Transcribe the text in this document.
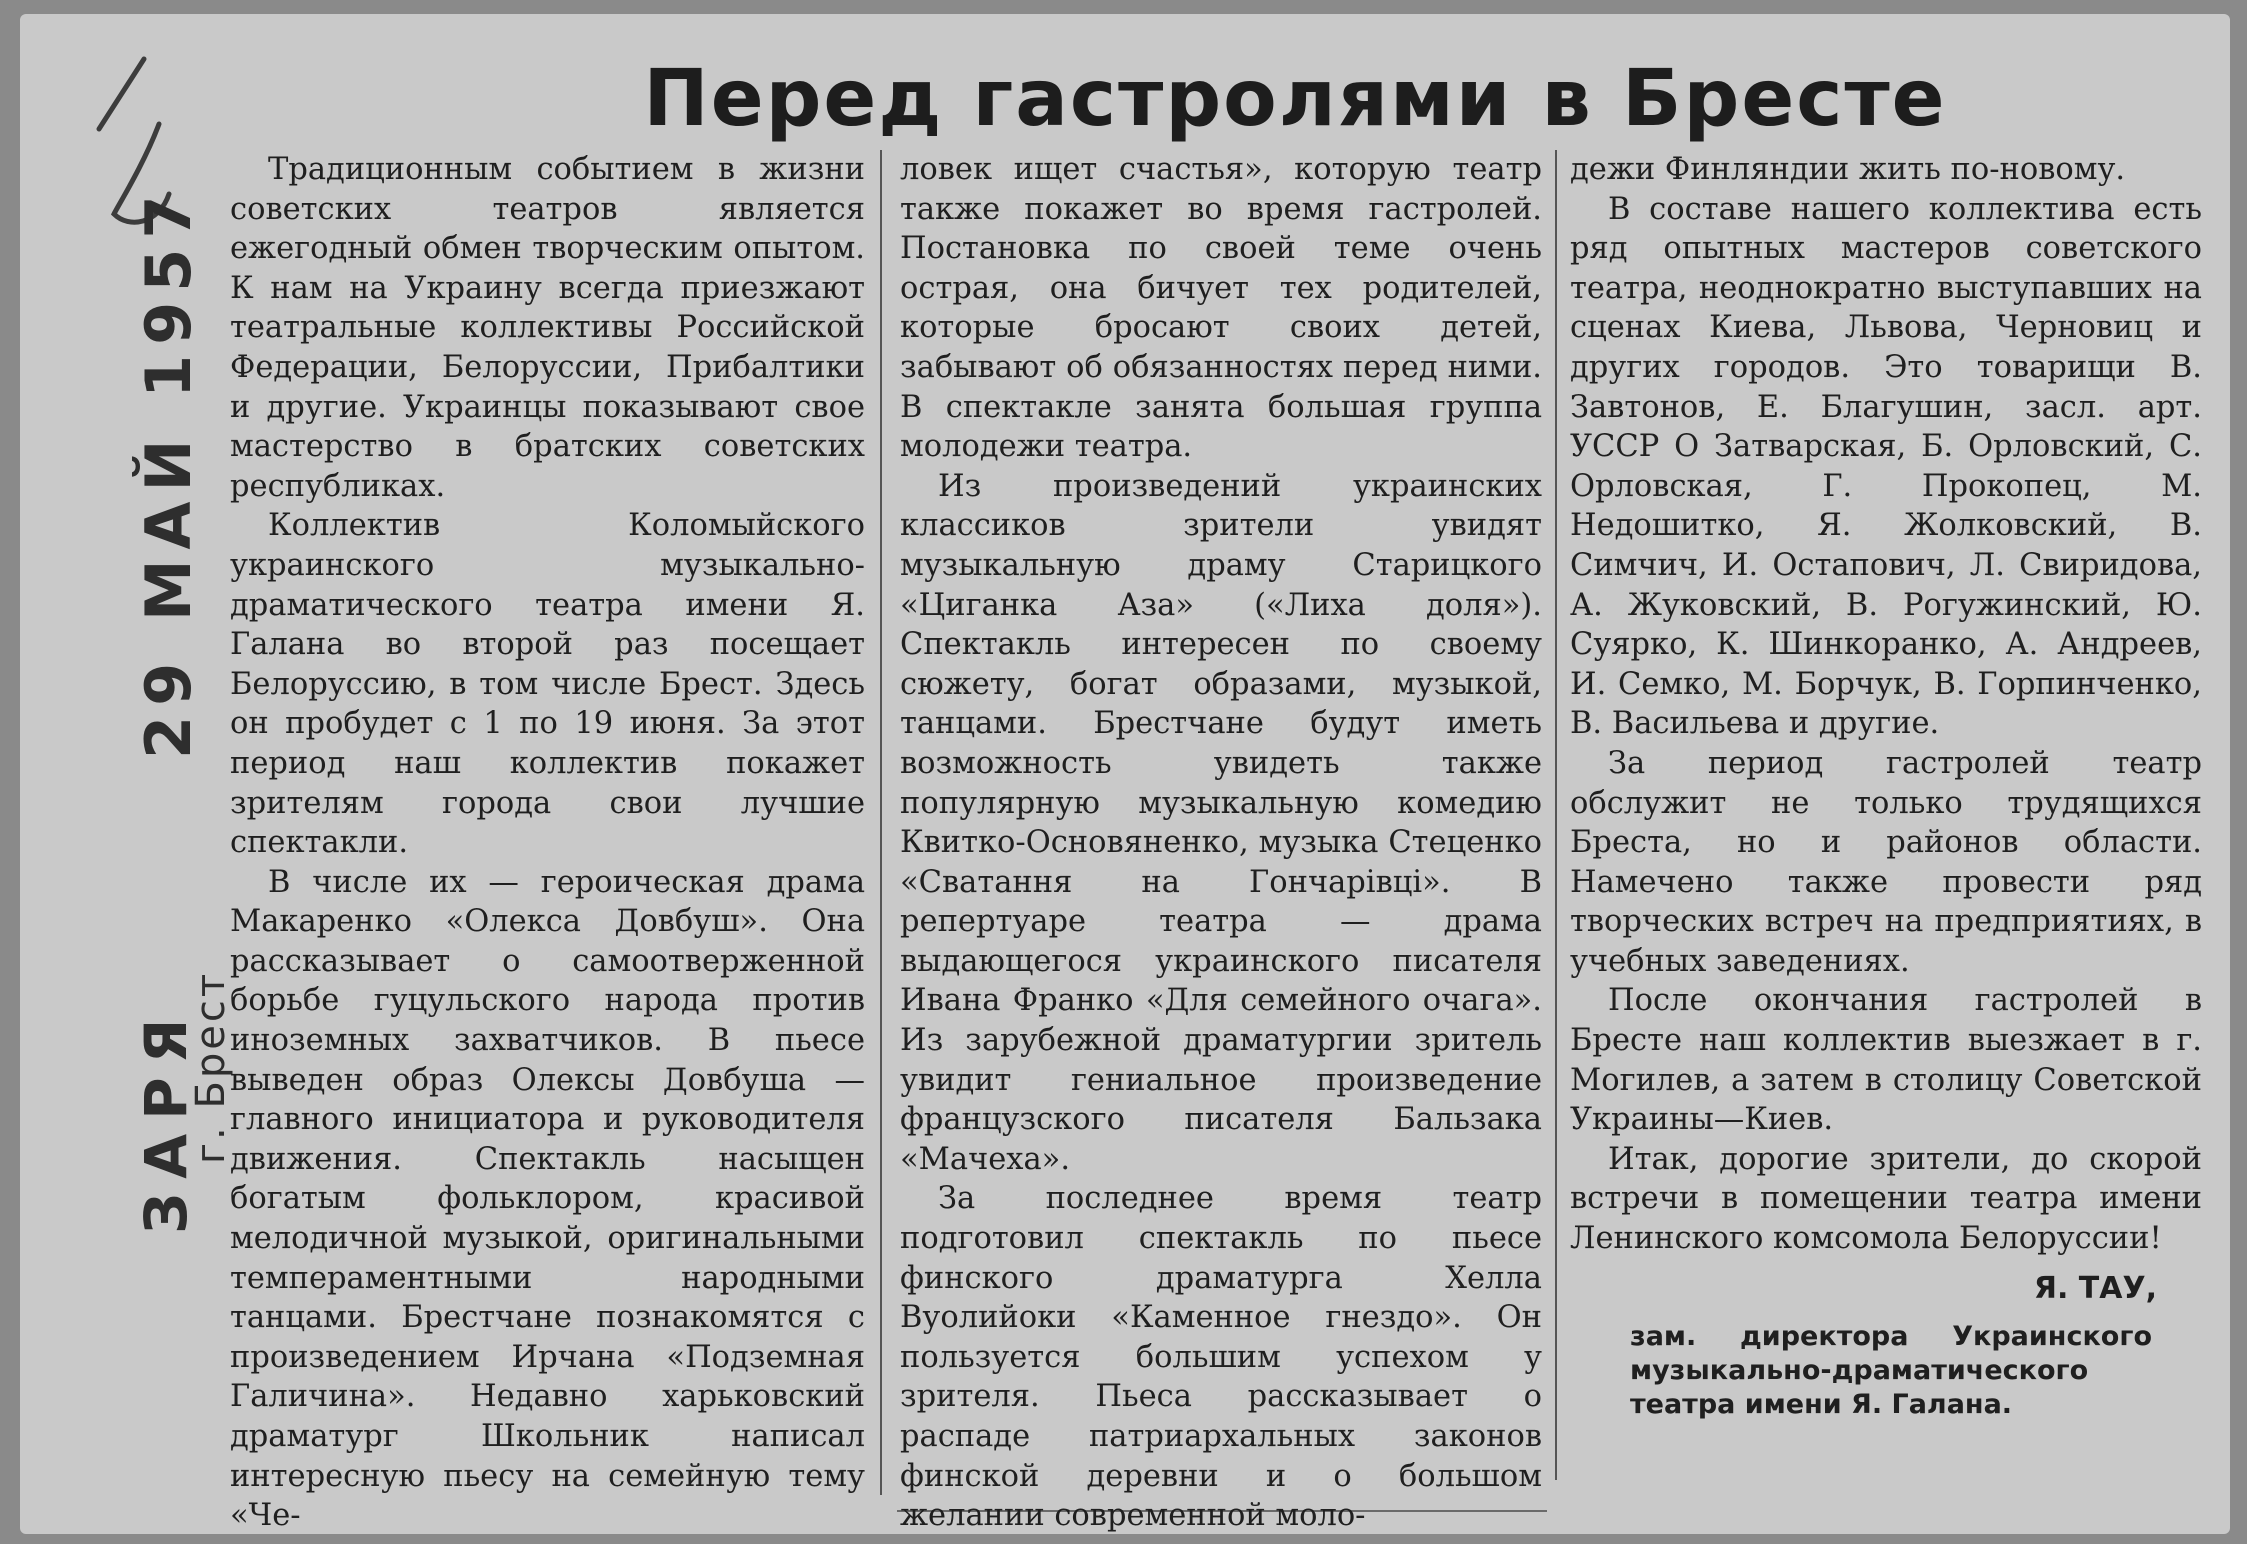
29 МАЙ 1957
ЗАРЯ
г. Брест
Перед гастролями в Бресте

Традиционным событием в жизни советских театров является ежегодный обмен творческим опытом. К нам на Украину всегда приезжают театральные коллективы Российской Федерации, Белоруссии, Прибалтики и другие. Украинцы показывают свое мастерство в братских советских республиках.

Коллектив Коломыйского украинского музыкально-драматического театра имени Я. Галана во второй раз посещает Белоруссию, в том числе Брест. Здесь он пробудет с 1 по 19 июня. За этот период наш коллектив покажет зрителям города свои лучшие спектакли.

В числе их — героическая драма Макаренко «Олекса Довбуш». Она рассказывает о самоотверженной борьбе гуцульского народа против иноземных захватчиков. В пьесе выведен образ Олексы Довбуша — главного инициатора и руководителя движения. Спектакль насыщен богатым фольклором, красивой мелодичной музыкой, оригинальными темпераментными народными танцами. Брестчане познакомятся с произведением Ирчана «Подземная Галичина». Недавно харьковский драматург Школьник написал интересную пьесу на семейную тему «Че-

ловек ищет счастья», которую театр также покажет во время гастролей. Постановка по своей теме очень острая, она бичует тех родителей, которые бросают своих детей, забывают об обязанностях перед ними. В спектакле занята большая группа молодежи театра.

Из произведений украинских классиков зрители увидят музыкальную драму Старицкого «Циганка Аза» («Лиха доля»). Спектакль интересен по своему сюжету, богат образами, музыкой, танцами. Брестчане будут иметь возможность увидеть также популярную музыкальную комедию Квитко-Основяненко, музыка Стеценко «Сватання на Гончарівці». В репертуаре театра — драма выдающегося украинского писателя Ивана Франко «Для семейного очага». Из зарубежной драматургии зритель увидит гениальное произведение французского писателя Бальзака «Мачеха».

За последнее время театр подготовил спектакль по пьесе финского драматурга Хелла Вуолийоки «Каменное гнездо». Он пользуется большим успехом у зрителя. Пьеса рассказывает о распаде патриархальных законов финской деревни и о большом желании современной моло-

дежи Финляндии жить по-новому.

В составе нашего коллектива есть ряд опытных мастеров советского театра, неоднократно выступавших на сценах Киева, Львова, Черновиц и других городов. Это товарищи В. Завтонов, Е. Благушин, засл. арт. УССР О Затварская, Б. Орловский, С. Орловская, Г. Прокопец, М. Недошитко, Я. Жолковский, В. Симчич, И. Остапович, Л. Свиридова, А. Жуковский, В. Рогужинский, Ю. Суярко, К. Шинкоранко, А. Андреев, И. Семко, М. Борчук, В. Горпинченко, В. Васильева и другие.

За период гастролей театр обслужит не только трудящихся Бреста, но и районов области. Намечено также провести ряд творческих встреч на предприятиях, в учебных заведениях.

После окончания гастролей в Бресте наш коллектив выезжает в г. Могилев, а затем в столицу Советской Украины—Киев.

Итак, дорогие зрители, до скорой встречи в помещении театра имени Ленинского комсомола Белоруссии!

Я. ТАУ,
зам. директора Украинского музыкально-драматического театра имени Я. Галана.
